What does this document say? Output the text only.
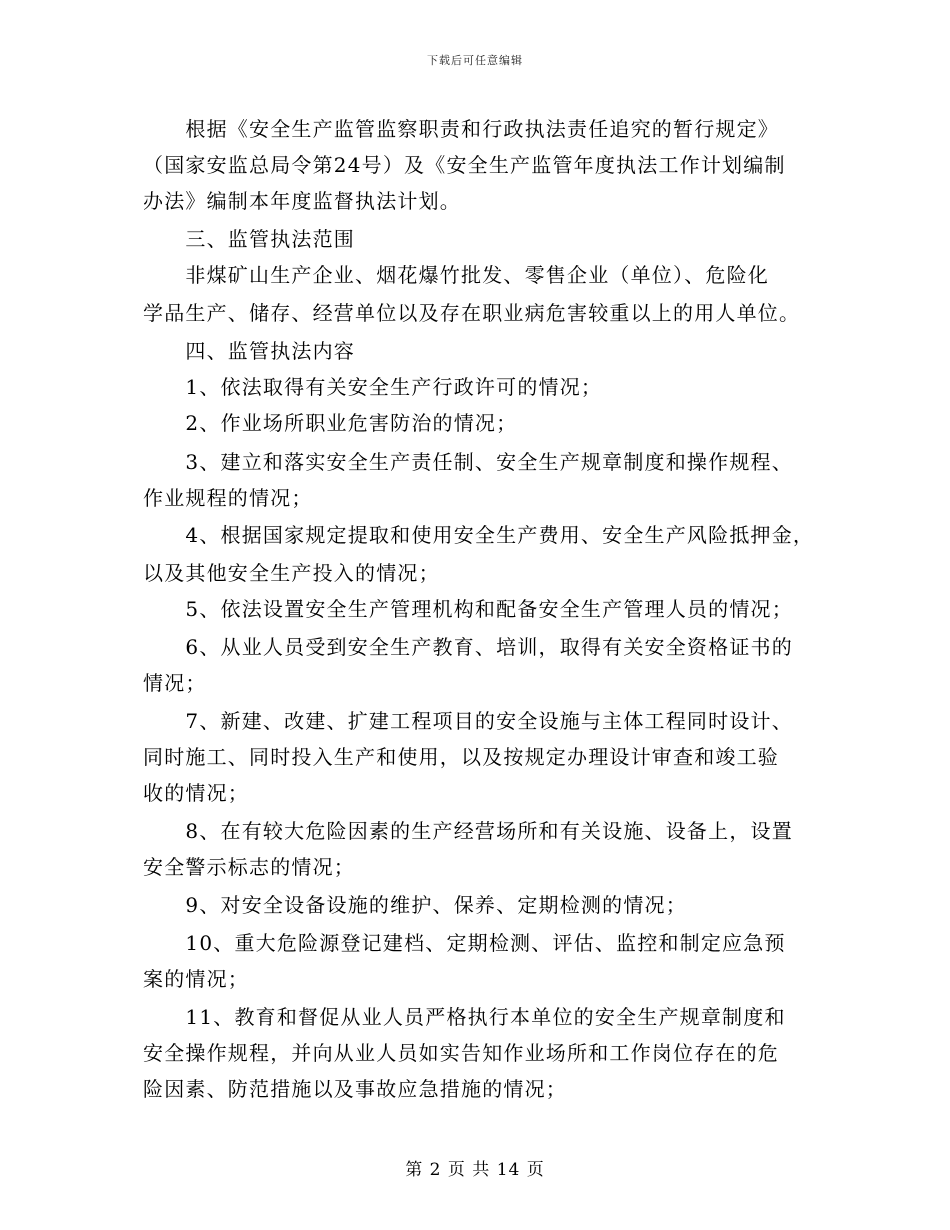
下载后可任意编辑
　　根据《安全生产监管监察职责和行政执法责任追究的暂行规定》
（国家安监总局令第24号）及《安全生产监管年度执法工作计划编制
办法》编制本年度监督执法计划。
　　三、监管执法范围
　　非煤矿山生产企业、烟花爆竹批发、零售企业（单位）、危险化
学品生产、储存、经营单位以及存在职业病危害较重以上的用人单位。
　　四、监管执法内容
　　1、依法取得有关安全生产行政许可的情况；
　　2、作业场所职业危害防治的情况；
　　3、建立和落实安全生产责任制、安全生产规章制度和操作规程、
作业规程的情况；
　　4、根据国家规定提取和使用安全生产费用、安全生产风险抵押金，
以及其他安全生产投入的情况；
　　5、依法设置安全生产管理机构和配备安全生产管理人员的情况；
　　6、从业人员受到安全生产教育、培训，取得有关安全资格证书的
情况；
　　7、新建、改建、扩建工程项目的安全设施与主体工程同时设计、
同时施工、同时投入生产和使用，以及按规定办理设计审查和竣工验
收的情况；
　　8、在有较大危险因素的生产经营场所和有关设施、设备上，设置
安全警示标志的情况；
　　9、对安全设备设施的维护、保养、定期检测的情况；
　　10、重大危险源登记建档、定期检测、评估、监控和制定应急预
案的情况；
　　11、教育和督促从业人员严格执行本单位的安全生产规章制度和
安全操作规程，并向从业人员如实告知作业场所和工作岗位存在的危
险因素、防范措施以及事故应急措施的情况；
第 2 页 共 14 页
